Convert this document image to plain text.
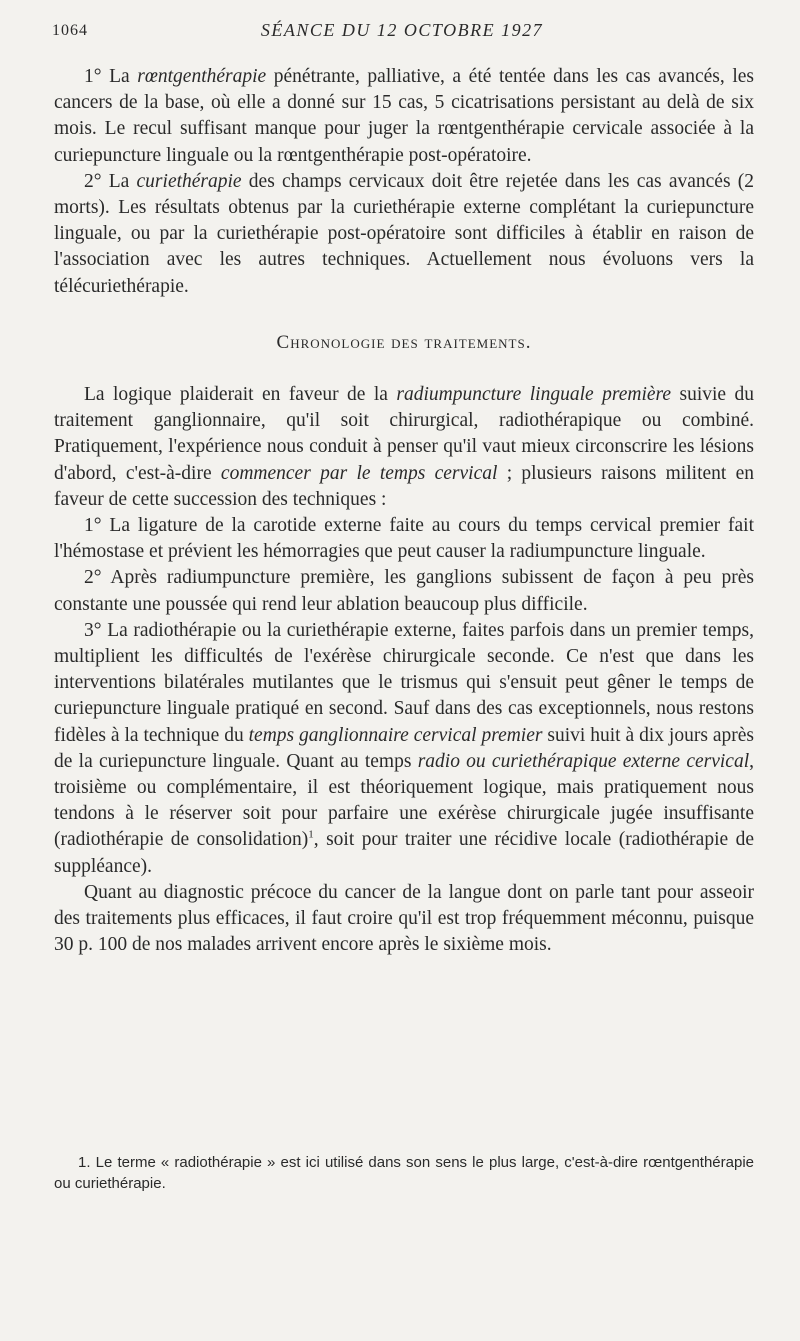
1064	SÉANCE DU 12 OCTOBRE 1927

1° La rœntgenthérapie pénétrante, palliative, a été tentée dans les cas avancés, les cancers de la base, où elle a donné sur 15 cas, 5 cicatrisations persistant au delà de six mois. Le recul suffisant manque pour juger la rœntgenthérapie cervicale associée à la curiepuncture linguale ou la rœntgenthérapie post-opératoire.

2° La curiethérapie des champs cervicaux doit être rejetée dans les cas avancés (2 morts). Les résultats obtenus par la curiethérapie externe complétant la curiepuncture linguale, ou par la curiethérapie post-opératoire sont difficiles à établir en raison de l'association avec les autres techniques. Actuellement nous évoluons vers la télécuriethérapie.

Chronologie des traitements.

La logique plaiderait en faveur de la radiumpuncture linguale première suivie du traitement ganglionnaire, qu'il soit chirurgical, radiothérapique ou combiné. Pratiquement, l'expérience nous conduit à penser qu'il vaut mieux circonscrire les lésions d'abord, c'est-à-dire commencer par le temps cervical ; plusieurs raisons militent en faveur de cette succession des techniques :

1° La ligature de la carotide externe faite au cours du temps cervical premier fait l'hémostase et prévient les hémorragies que peut causer la radiumpuncture linguale.

2° Après radiumpuncture première, les ganglions subissent de façon à peu près constante une poussée qui rend leur ablation beaucoup plus difficile.

3° La radiothérapie ou la curiethérapie externe, faites parfois dans un premier temps, multiplient les difficultés de l'exérèse chirurgicale seconde. Ce n'est que dans les interventions bilatérales mutilantes que le trismus qui s'ensuit peut gêner le temps de curiepuncture linguale pratiqué en second. Sauf dans des cas exceptionnels, nous restons fidèles à la technique du temps ganglionnaire cervical premier suivi huit à dix jours après de la curiepuncture linguale. Quant au temps radio ou curiethérapique externe cervical, troisième ou complémentaire, il est théoriquement logique, mais pratiquement nous tendons à le réserver soit pour parfaire une exérèse chirurgicale jugée insuffisante (radiothérapie de consolidation)$^1$, soit pour traiter une récidive locale (radiothérapie de suppléance).

Quant au diagnostic précoce du cancer de la langue dont on parle tant pour asseoir des traitements plus efficaces, il faut croire qu'il est trop fréquemment méconnu, puisque 30 p. 100 de nos malades arrivent encore après le sixième mois.

1. Le terme « radiothérapie » est ici utilisé dans son sens le plus large, c'est-à-dire rœntgenthérapie ou curiethérapie.
